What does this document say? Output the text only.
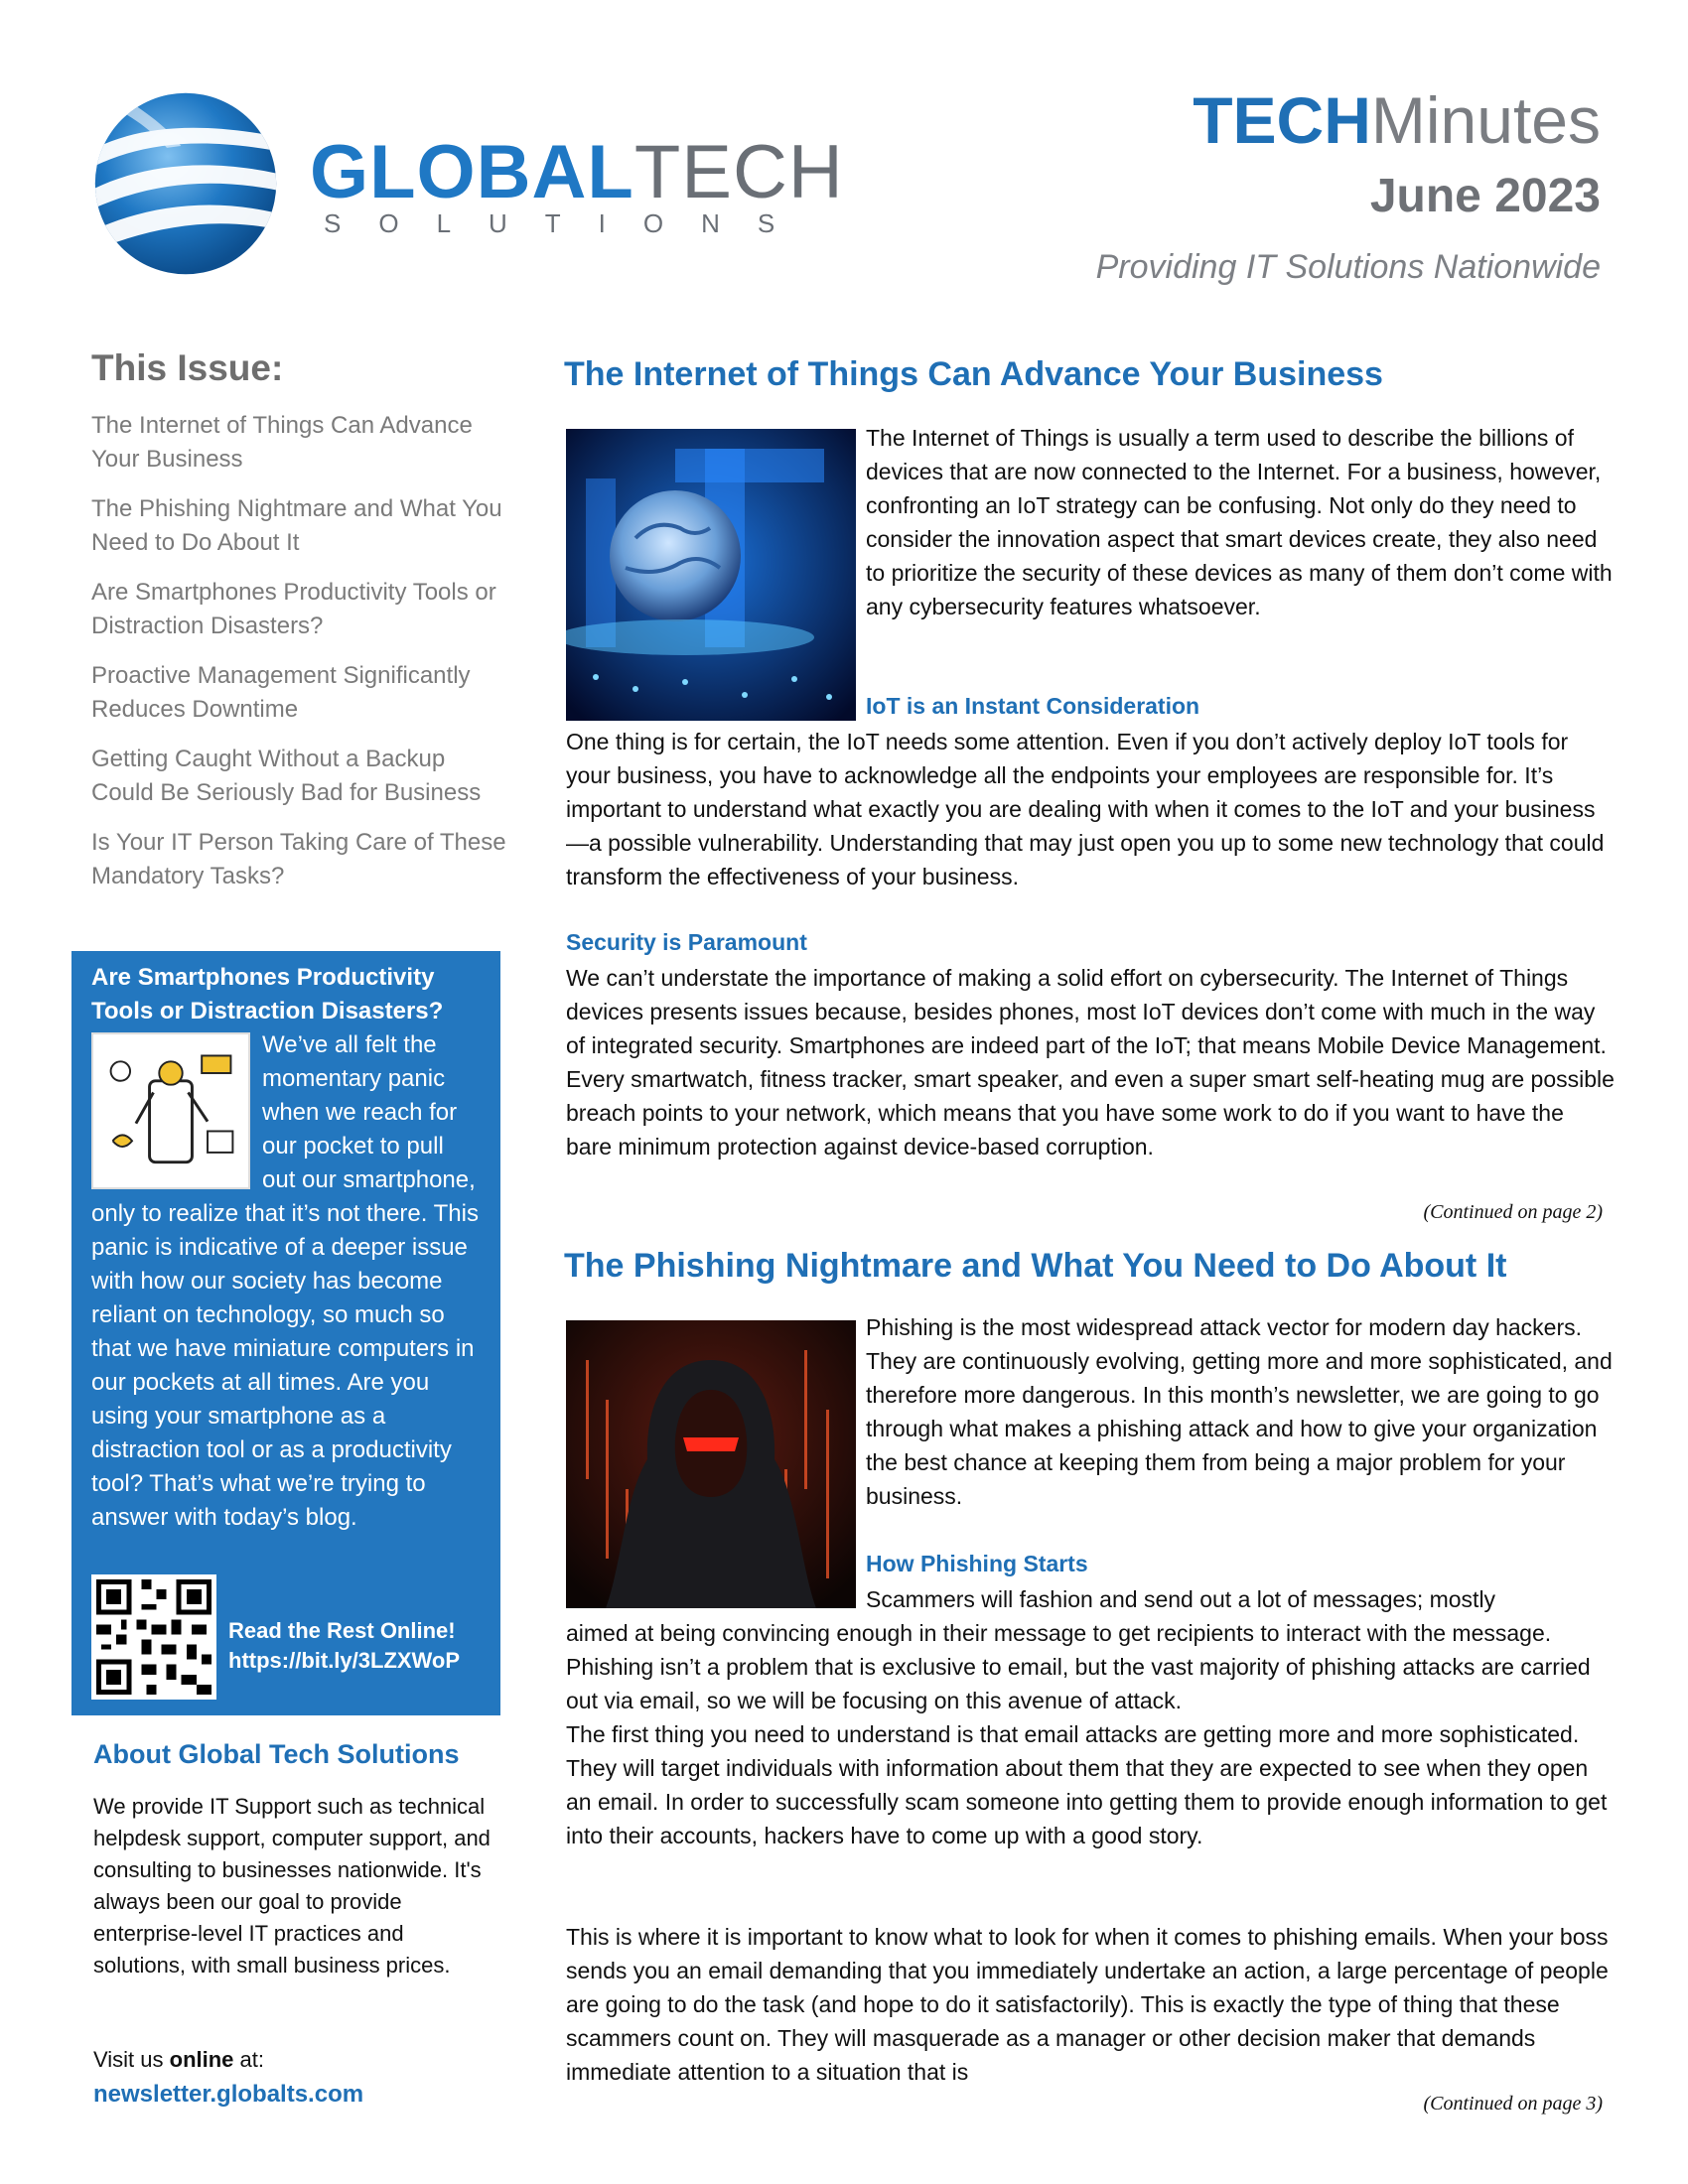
GLOBALTECH
SOLUTIONS
TECHMinutes
June 2023
Providing IT Solutions Nationwide
This Issue:
The Internet of Things Can Advance Your Business
The Phishing Nightmare and What You Need to Do About It
Are Smartphones Productivity Tools or Distraction Disasters?
Proactive Management Significantly Reduces Downtime
Getting Caught Without a Backup Could Be Seriously Bad for Business
Is Your IT Person Taking Care of These Mandatory Tasks?
Are Smartphones Productivity Tools or Distraction Disasters?
We’ve all felt the momentary panic when we reach for our pocket to pull out our smartphone, only to realize that it’s not there. This panic is indicative of a deeper issue with how our society has become reliant on technology, so much so that we have miniature computers in our pockets at all times. Are you using your smartphone as a distraction tool or as a productivity tool? That’s what we’re trying to answer with today’s blog.
Read the Rest Online!
https://bit.ly/3LZXWoP
About Global Tech Solutions
We provide IT Support such as technical helpdesk support, computer support, and consulting to businesses nationwide. It's always been our goal to provide enterprise-level IT practices and solutions, with small business prices.
Visit us online at:
newsletter.globalts.com
The Internet of Things Can Advance Your Business
The Internet of Things is usually a term used to describe the billions of devices that are now connected to the Internet. For a business, however, confronting an IoT strategy can be confusing. Not only do they need to consider the innovation aspect that smart devices create, they also need to prioritize the security of these devices as many of them don’t come with any cybersecurity features whatsoever.
IoT is an Instant Consideration
One thing is for certain, the IoT needs some attention. Even if you don’t actively deploy IoT tools for your business, you have to acknowledge all the endpoints your employees are responsible for. It’s important to understand what exactly you are dealing with when it comes to the IoT and your business—a possible vulnerability. Understanding that may just open you up to some new technology that could transform the effectiveness of your business.
Security is Paramount
We can’t understate the importance of making a solid effort on cybersecurity. The Internet of Things devices presents issues because, besides phones, most IoT devices don’t come with much in the way of integrated security. Smartphones are indeed part of the IoT; that means Mobile Device Management. Every smartwatch, fitness tracker, smart speaker, and even a super smart self-heating mug are possible breach points to your network, which means that you have some work to do if you want to have the bare minimum protection against device-based corruption.
(Continued on page 2)
The Phishing Nightmare and What You Need to Do About It
Phishing is the most widespread attack vector for modern day hackers. They are continuously evolving, getting more and more sophisticated, and therefore more dangerous. In this month’s newsletter, we are going to go through what makes a phishing attack and how to give your organization the best chance at keeping them from being a major problem for your business.
How Phishing Starts
Scammers will fashion and send out a lot of messages; mostly
aimed at being convincing enough in their message to get recipients to interact with the message. Phishing isn’t a problem that is exclusive to email, but the vast majority of phishing attacks are carried out via email, so we will be focusing on this avenue of attack.
The first thing you need to understand is that email attacks are getting more and more sophisticated. They will target individuals with information about them that they are expected to see when they open an email. In order to successfully scam someone into getting them to provide enough information to get into their accounts, hackers have to come up with a good story.
This is where it is important to know what to look for when it comes to phishing emails. When your boss sends you an email demanding that you immediately undertake an action, a large percentage of people are going to do the task (and hope to do it satisfactorily). This is exactly the type of thing that these scammers count on. They will masquerade as a manager or other decision maker that demands immediate attention to a situation that is
(Continued on page 3)
